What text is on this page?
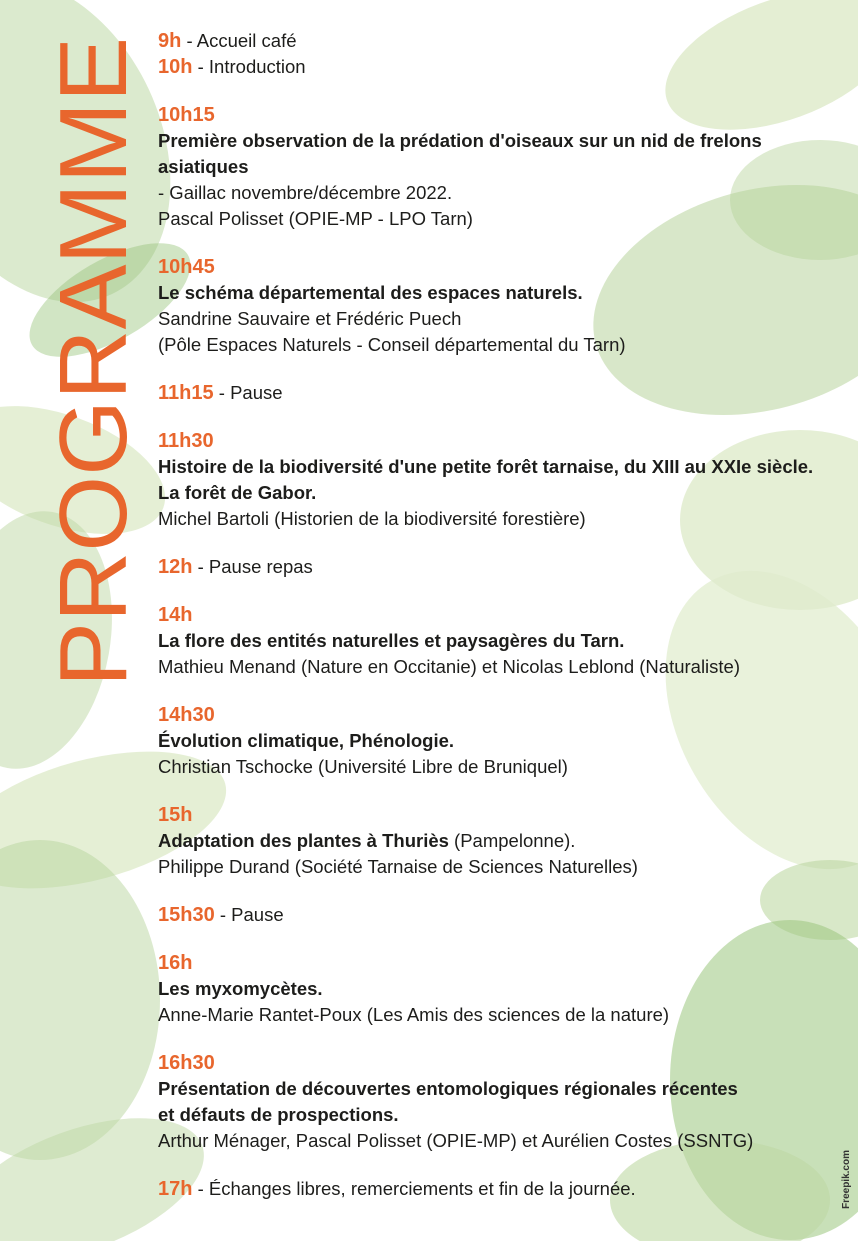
PROGRAMME
9h - Accueil café
10h - Introduction
10h15
Première observation de la prédation d'oiseaux sur un nid de frelons asiatiques
- Gaillac novembre/décembre 2022.
Pascal Polisset (OPIE-MP - LPO Tarn)
10h45
Le schéma départemental des espaces naturels.
Sandrine Sauvaire et Frédéric Puech
(Pôle Espaces Naturels - Conseil départemental du Tarn)
11h15 - Pause
11h30
Histoire de la biodiversité d'une petite forêt tarnaise, du XIII au XXIe siècle.
La forêt de Gabor.
Michel Bartoli (Historien de la biodiversité forestière)
12h - Pause repas
14h
La flore des entités naturelles et paysagères du Tarn.
Mathieu Menand (Nature en Occitanie) et Nicolas Leblond (Naturaliste)
14h30
Évolution climatique, Phénologie.
Christian Tschocke (Université Libre de Bruniquel)
15h
Adaptation des plantes à Thuriès (Pampelonne).
Philippe Durand (Société Tarnaise de Sciences Naturelles)
15h30 - Pause
16h
Les myxomycètes.
Anne-Marie Rantet-Poux (Les Amis des sciences de la nature)
16h30
Présentation de découvertes entomologiques régionales récentes
et défauts de prospections.
Arthur Ménager, Pascal Polisset (OPIE-MP) et Aurélien Costes (SSNTG)
17h - Échanges libres, remerciements et fin de la journée.	Freepik.com
